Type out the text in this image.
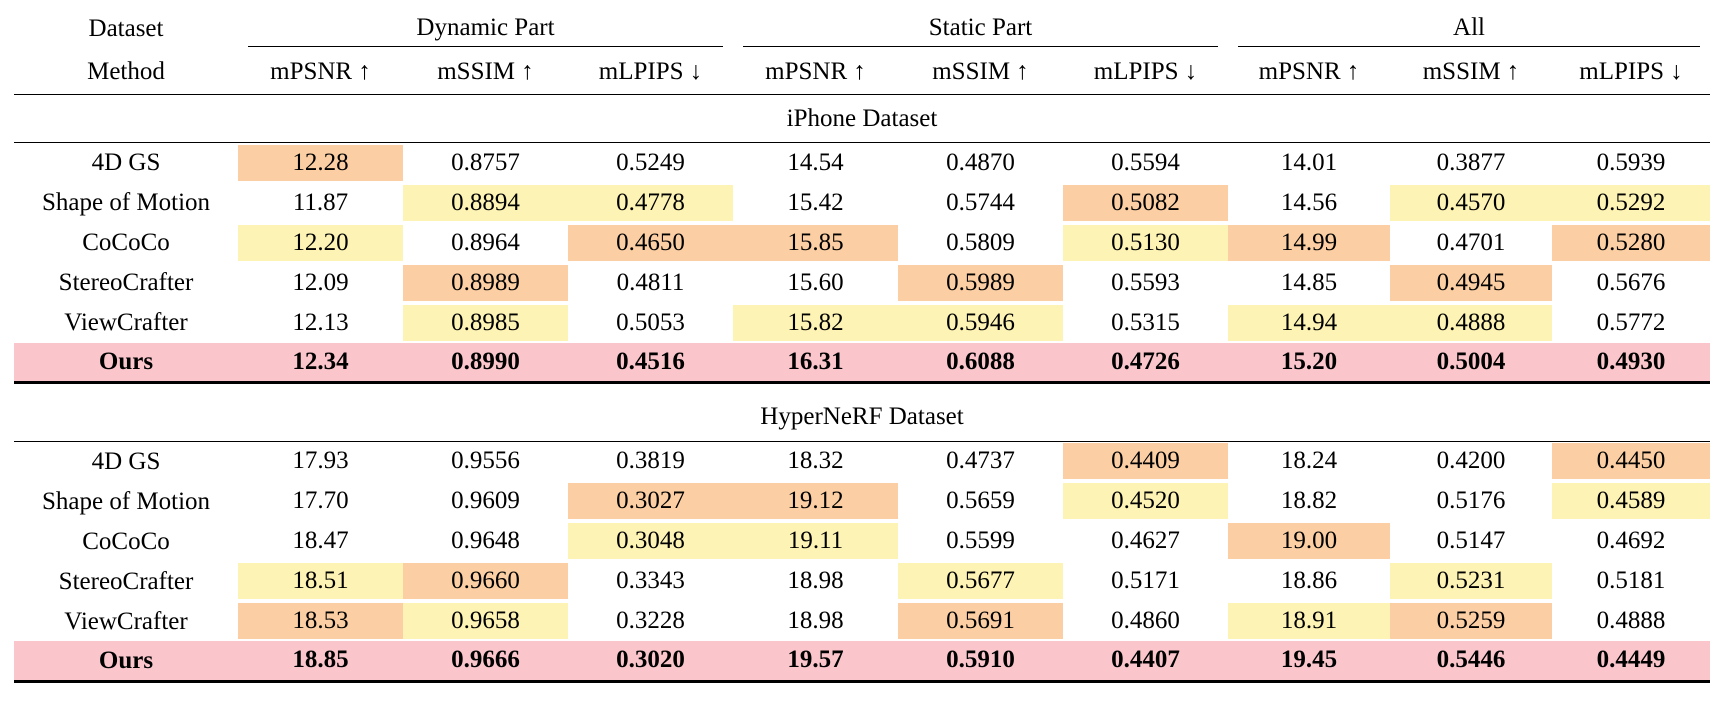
Dataset	Dynamic Part			Static Part			All		

Method	mPSNR ↑	mSSIM ↑	mLPIPS ↓	mPSNR ↑	mSSIM ↑	mLPIPS ↓	mPSNR ↑	mSSIM ↑	mLPIPS ↓
iPhone Dataset									

4D GS	12.28	0.8757	0.5249	14.54	0.4870	0.5594	14.01	0.3877	0.5939

Shape of Motion	11.87	0.8894	0.4778	15.42	0.5744	0.5082	14.56	0.4570	0.5292

CoCoCo	12.20	0.8964	0.4650	15.85	0.5809	0.5130	14.99	0.4701	0.5280

StereoCrafter	12.09	0.8989	0.4811	15.60	0.5989	0.5593	14.85	0.4945	0.5676

ViewCrafter	12.13	0.8985	0.5053	15.82	0.5946	0.5315	14.94	0.4888	0.5772

Ours	12.34	0.8990	0.4516	16.31	0.6088	0.4726	15.20	0.5004	0.4930

HyperNeRF Dataset									

4D GS	17.93	0.9556	0.3819	18.32	0.4737	0.4409	18.24	0.4200	0.4450

Shape of Motion	17.70	0.9609	0.3027	19.12	0.5659	0.4520	18.82	0.5176	0.4589

CoCoCo	18.47	0.9648	0.3048	19.11	0.5599	0.4627	19.00	0.5147	0.4692

StereoCrafter	18.51	0.9660	0.3343	18.98	0.5677	0.5171	18.86	0.5231	0.5181

ViewCrafter	18.53	0.9658	0.3228	18.98	0.5691	0.4860	18.91	0.5259	0.4888

Ours	18.85	0.9666	0.3020	19.57	0.5910	0.4407	19.45	0.5446	0.4449
